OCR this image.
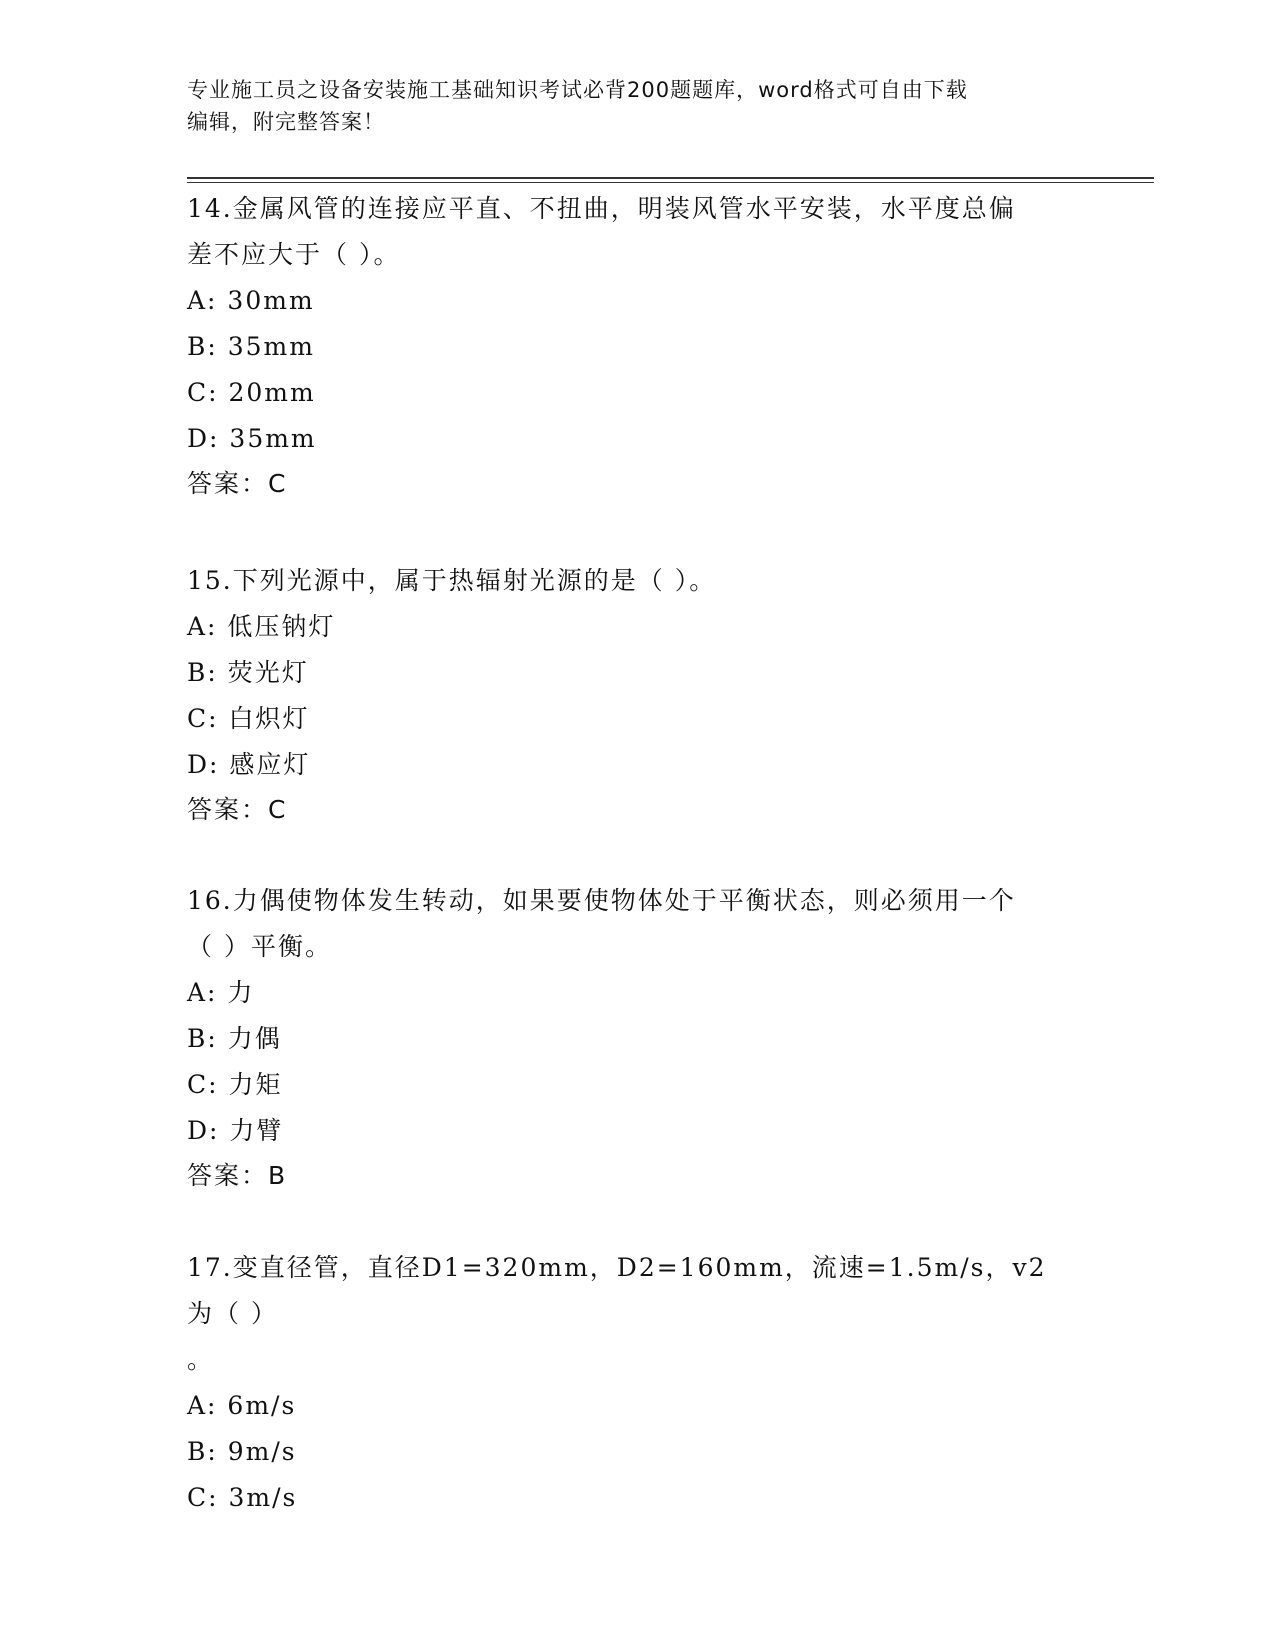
专业施工员之设备安装施工基础知识考试必背200题题库，word格式可自由下载
编辑，附完整答案！
14.金属风管的连接应平直、不扭曲，明装风管水平安装，水平度总偏
差不应大于（ ）。
A: 30mm
B: 35mm
C: 20mm
D: 35mm
答案：C
15.下列光源中，属于热辐射光源的是（ ）。
A: 低压钠灯
B: 荧光灯
C: 白炽灯
D: 感应灯
答案：C
16.力偶使物体发生转动，如果要使物体处于平衡状态，则必须用一个
（ ）平衡。
A: 力
B: 力偶
C: 力矩
D: 力臂
答案：B
17.变直径管，直径D1=320mm，D2=160mm，流速=1.5m/s，v2为（ ）
。
A: 6m/s
B: 9m/s
C: 3m/s
